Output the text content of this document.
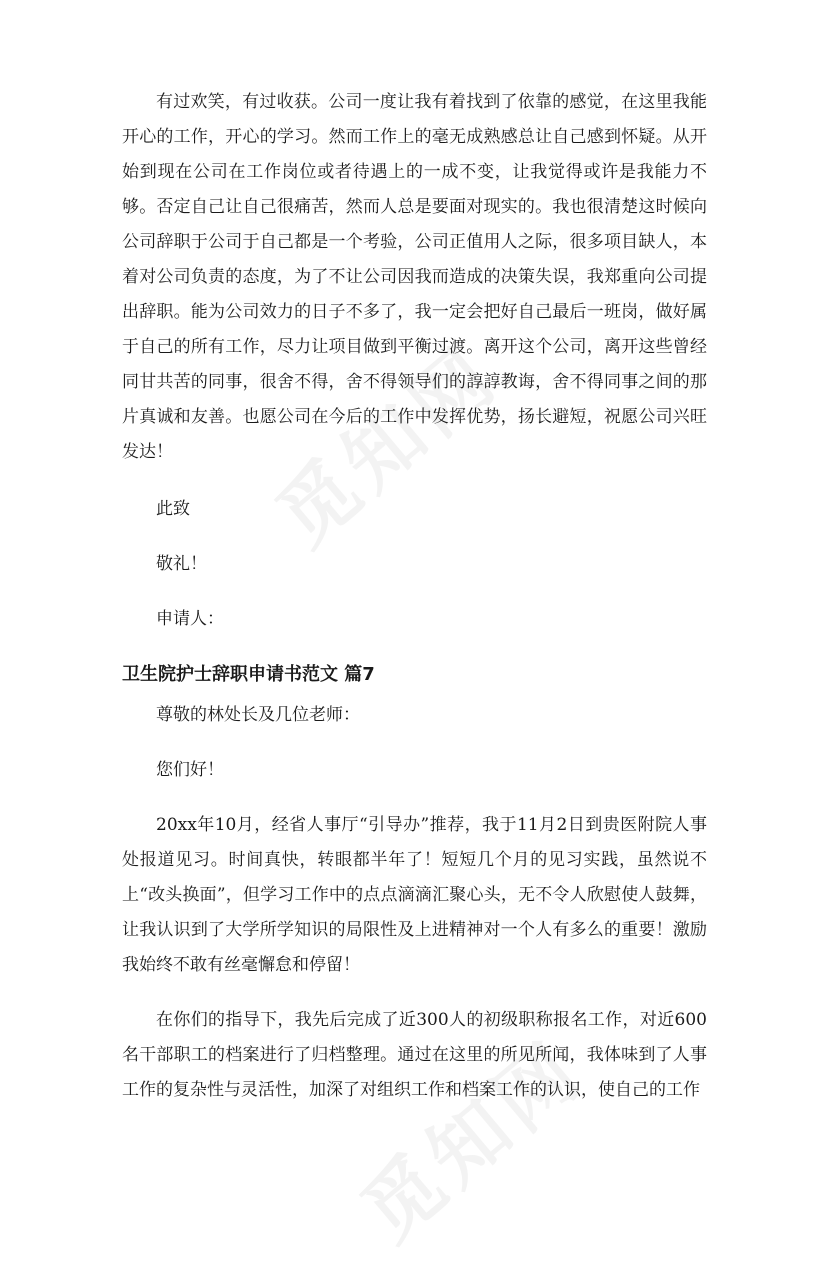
有过欢笑，有过收获。公司一度让我有着找到了依靠的感觉，在这里我能开心的工作，开心的学习。然而工作上的毫无成熟感总让自己感到怀疑。从开始到现在公司在工作岗位或者待遇上的一成不变，让我觉得或许是我能力不够。否定自己让自己很痛苦，然而人总是要面对现实的。我也很清楚这时候向公司辞职于公司于自己都是一个考验，公司正值用人之际，很多项目缺人，本着对公司负责的态度，为了不让公司因我而造成的决策失误，我郑重向公司提出辞职。能为公司效力的日子不多了，我一定会把好自己最后一班岗，做好属于自己的所有工作，尽力让项目做到平衡过渡。离开这个公司，离开这些曾经同甘共苦的同事，很舍不得，舍不得领导们的諄諄教诲，舍不得同事之间的那片真诚和友善。也愿公司在今后的工作中发挥优势，扬长避短，祝愿公司兴旺发达！

此致

敬礼！

申请人：

卫生院护士辞职申请书范文 篇7

尊敬的林处长及几位老师：

您们好！

20xx年10月，经省人事厅“引导办”推荐，我于11月2日到贵医附院人事处报道见习。时间真快，转眼都半年了！短短几个月的见习实践，虽然说不上“改头换面”，但学习工作中的点点滴滴汇聚心头，无不令人欣慰使人鼓舞，让我认识到了大学所学知识的局限性及上进精神对一个人有多么的重要！激励我始终不敢有丝毫懈怠和停留！

在你们的指导下，我先后完成了近300人的初级职称报名工作，对近600名干部职工的档案进行了归档整理。通过在这里的所见所闻，我体味到了人事工作的复杂性与灵活性，加深了对组织工作和档案工作的认识，使自己的工作
